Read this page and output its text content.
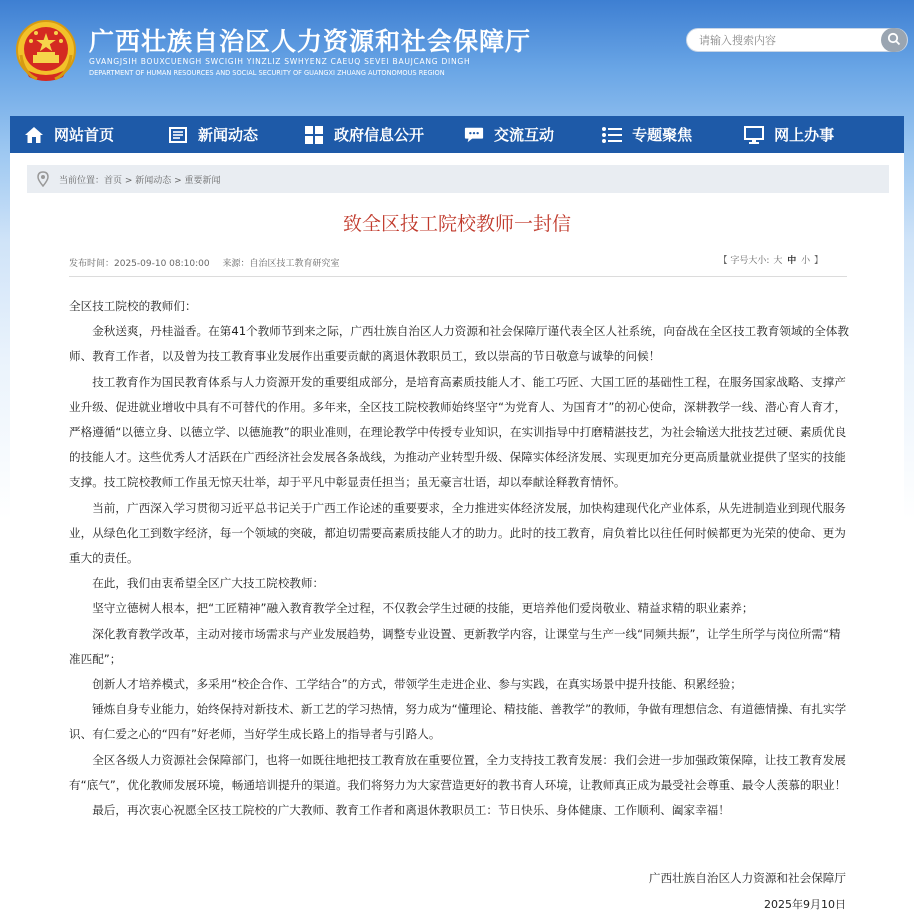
广西壮族自治区人力资源和社会保障厅
GVANGJSIH BOUXCUENGH SWCIGIH YINZLIZ SWHYENZ CAEUQ SEVEI BAUJCANG DINGH
DEPARTMENT OF HUMAN RESOURCES AND SOCIAL SECURITY OF GUANGXI ZHUANG AUTONOMOUS REGION
请输入搜索内容
网站首页	新闻动态	政府信息公开	交流互动	专题聚焦	网上办事
当前位置：首页 > 新闻动态 > 重要新闻
致全区技工院校教师一封信
发布时间：2025-09-10 08:10:00 来源：自治区技工教育研究室	【 字号大小: 大 中 小 】

全区技工院校的教师们：

金秋送爽，丹桂溢香。在第41个教师节到来之际，广西壮族自治区人力资源和社会保障厅谨代表全区人社系统，向奋战在全区技工教育领域的全体教师、教育工作者，以及曾为技工教育事业发展作出重要贡献的离退休教职员工，致以崇高的节日敬意与诚挚的问候！

技工教育作为国民教育体系与人力资源开发的重要组成部分，是培育高素质技能人才、能工巧匠、大国工匠的基础性工程，在服务国家战略、支撑产业升级、促进就业增收中具有不可替代的作用。多年来，全区技工院校教师始终坚守“为党育人、为国育才”的初心使命，深耕教学一线、潜心育人育才，严格遵循“以德立身、以德立学、以德施教”的职业准则，在理论教学中传授专业知识，在实训指导中打磨精湛技艺，为社会输送大批技艺过硬、素质优良的技能人才。这些优秀人才活跃在广西经济社会发展各条战线，为推动产业转型升级、保障实体经济发展、实现更加充分更高质量就业提供了坚实的技能支撑。技工院校教师工作虽无惊天壮举，却于平凡中彰显责任担当；虽无豪言壮语，却以奉献诠释教育情怀。

当前，广西深入学习贯彻习近平总书记关于广西工作论述的重要要求，全力推进实体经济发展，加快构建现代化产业体系，从先进制造业到现代服务业，从绿色化工到数字经济，每一个领域的突破，都迫切需要高素质技能人才的助力。此时的技工教育，肩负着比以往任何时候都更为光荣的使命、更为重大的责任。

在此，我们由衷希望全区广大技工院校教师：

坚守立德树人根本，把“工匠精神”融入教育教学全过程，不仅教会学生过硬的技能，更培养他们爱岗敬业、精益求精的职业素养；

深化教育教学改革，主动对接市场需求与产业发展趋势，调整专业设置、更新教学内容，让课堂与生产一线“同频共振”，让学生所学与岗位所需“精准匹配”；

创新人才培养模式，多采用“校企合作、工学结合”的方式，带领学生走进企业、参与实践，在真实场景中提升技能、积累经验；

锤炼自身专业能力，始终保持对新技术、新工艺的学习热情，努力成为“懂理论、精技能、善教学”的教师，争做有理想信念、有道德情操、有扎实学识、有仁爱之心的“四有”好老师，当好学生成长路上的指导者与引路人。

全区各级人力资源社会保障部门，也将一如既往地把技工教育放在重要位置，全力支持技工教育发展：我们会进一步加强政策保障，让技工教育发展有“底气”，优化教师发展环境，畅通培训提升的渠道。我们将努力为大家营造更好的教书育人环境，让教师真正成为最受社会尊重、最令人羡慕的职业！

最后，再次衷心祝愿全区技工院校的广大教师、教育工作者和离退休教职员工：节日快乐、身体健康、工作顺利、阖家幸福！

广西壮族自治区人力资源和社会保障厅
2025年9月10日
